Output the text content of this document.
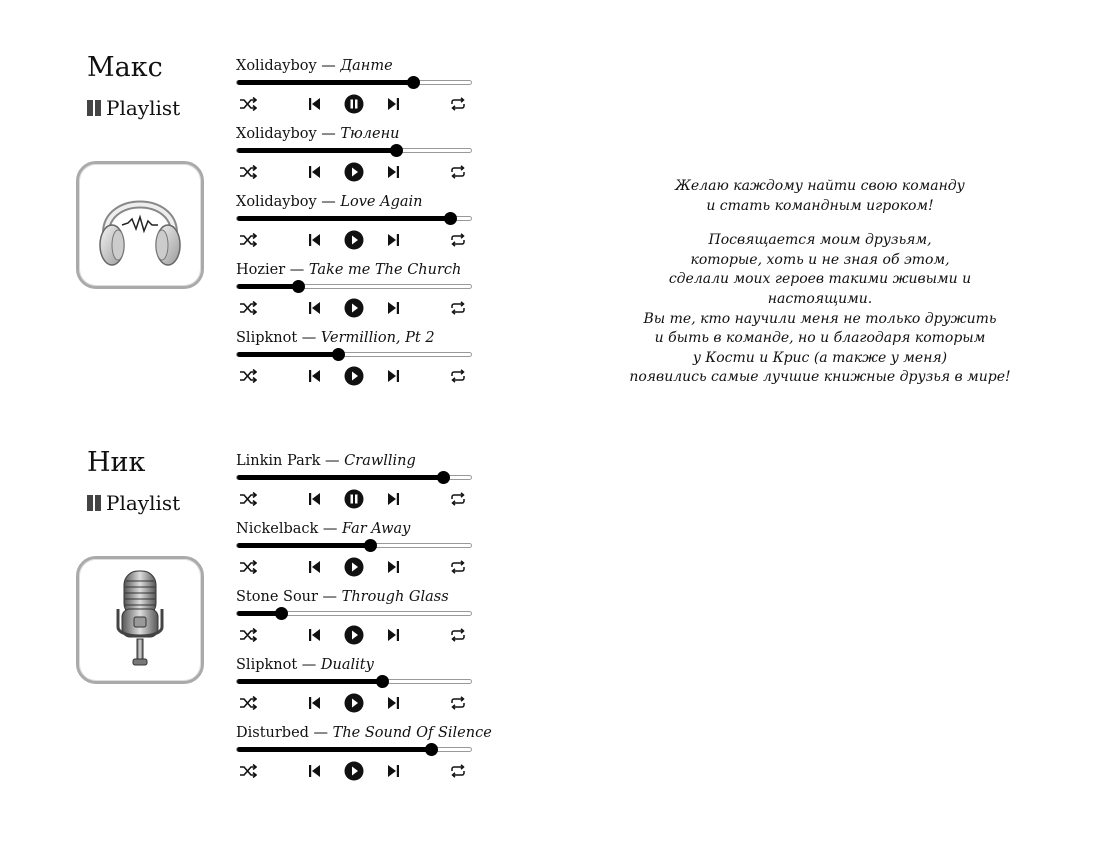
Макс
Playlist
Xolidayboy — Данте
Xolidayboy — Тюлени
Xolidayboy — Love Again
Hozier — Take me The Church
Slipknot — Vermillion, Pt 2
Ник
Playlist
Linkin Park — Crawlling
Nickelback — Far Away
Stone Sour — Through Glass
Slipknot — Duality
Disturbed — The Sound Of Silence

Желаю каждому найти свою команду
и стать командным игроком!

Посвящается моим друзьям,
которые, хоть и не зная об этом,
сделали моих героев такими живыми и настоящими.
Вы те, кто научили меня не только дружить
и быть в команде, но и благодаря которым
у Кости и Крис (а также у меня)
появились самые лучшие книжные друзья в мире!
